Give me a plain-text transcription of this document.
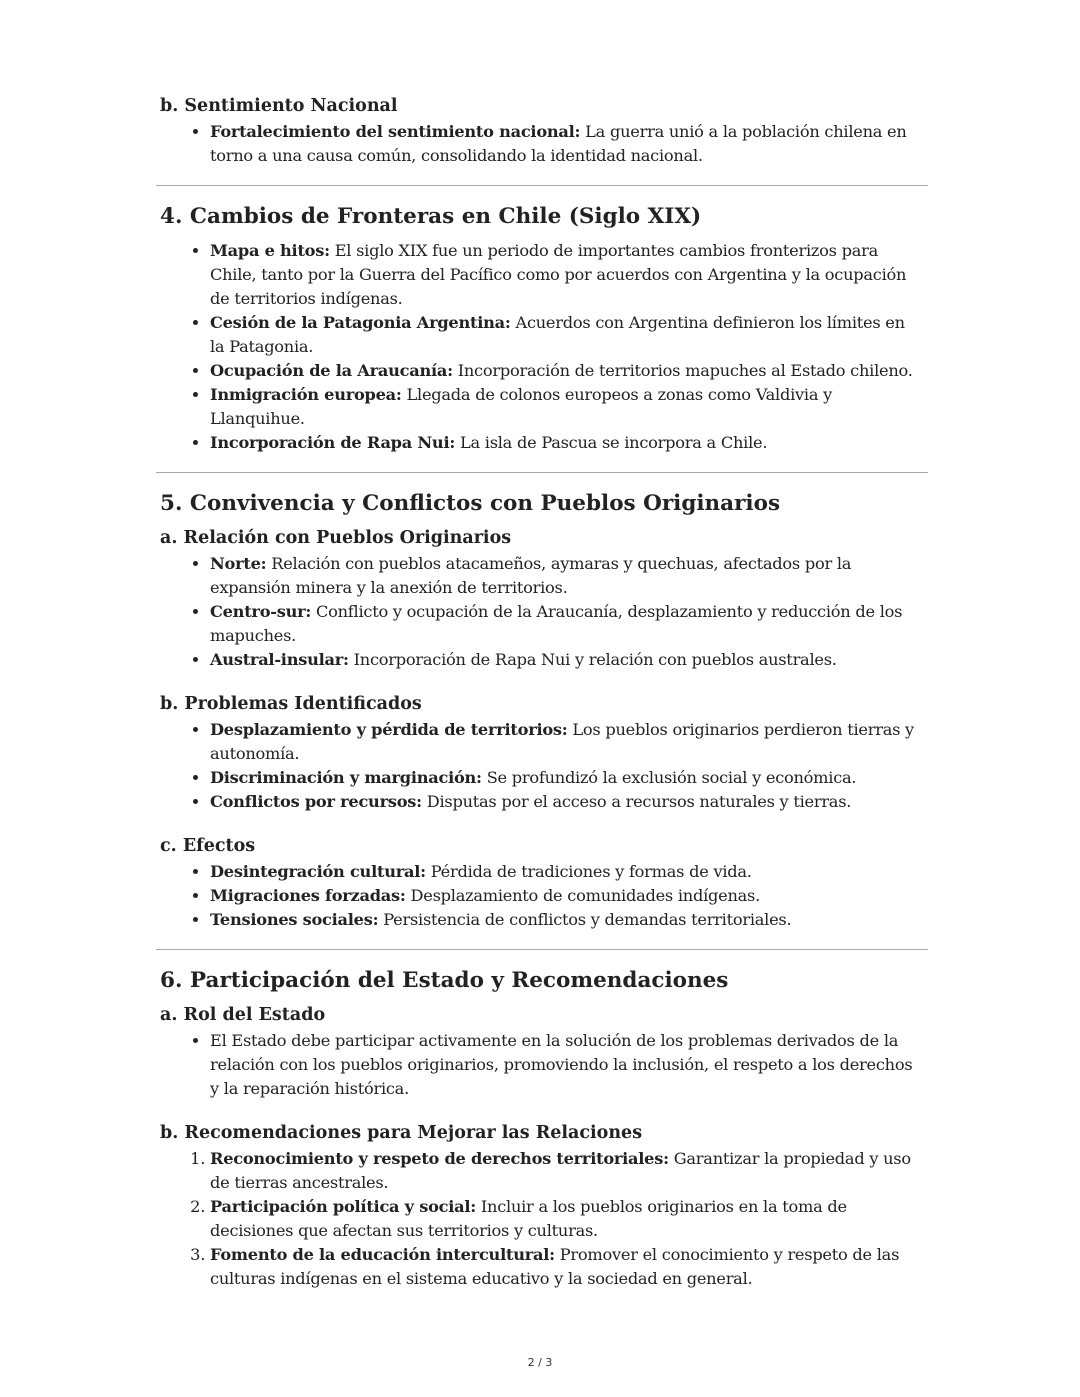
b. Sentimiento Nacional
• Fortalecimiento del sentimiento nacional: La guerra unió a la población chilena en torno a una causa común, consolidando la identidad nacional.
4. Cambios de Fronteras en Chile (Siglo XIX)
• Mapa e hitos: El siglo XIX fue un periodo de importantes cambios fronterizos para Chile, tanto por la Guerra del Pacífico como por acuerdos con Argentina y la ocupación de territorios indígenas.
• Cesión de la Patagonia Argentina: Acuerdos con Argentina definieron los límites en la Patagonia.
• Ocupación de la Araucanía: Incorporación de territorios mapuches al Estado chileno.
• Inmigración europea: Llegada de colonos europeos a zonas como Valdivia y Llanquihue.
• Incorporación de Rapa Nui: La isla de Pascua se incorpora a Chile.
5. Convivencia y Conflictos con Pueblos Originarios
a. Relación con Pueblos Originarios
• Norte: Relación con pueblos atacameños, aymaras y quechuas, afectados por la expansión minera y la anexión de territorios.
• Centro-sur: Conflicto y ocupación de la Araucanía, desplazamiento y reducción de los mapuches.
• Austral-insular: Incorporación de Rapa Nui y relación con pueblos australes.
b. Problemas Identificados
• Desplazamiento y pérdida de territorios: Los pueblos originarios perdieron tierras y autonomía.
• Discriminación y marginación: Se profundizó la exclusión social y económica.
• Conflictos por recursos: Disputas por el acceso a recursos naturales y tierras.
c. Efectos
• Desintegración cultural: Pérdida de tradiciones y formas de vida.
• Migraciones forzadas: Desplazamiento de comunidades indígenas.
• Tensiones sociales: Persistencia de conflictos y demandas territoriales.
6. Participación del Estado y Recomendaciones
a. Rol del Estado
• El Estado debe participar activamente en la solución de los problemas derivados de la relación con los pueblos originarios, promoviendo la inclusión, el respeto a los derechos y la reparación histórica.
b. Recomendaciones para Mejorar las Relaciones
1. Reconocimiento y respeto de derechos territoriales: Garantizar la propiedad y uso de tierras ancestrales.
2. Participación política y social: Incluir a los pueblos originarios en la toma de decisiones que afectan sus territorios y culturas.
3. Fomento de la educación intercultural: Promover el conocimiento y respeto de las culturas indígenas en el sistema educativo y la sociedad en general.
2 / 3
